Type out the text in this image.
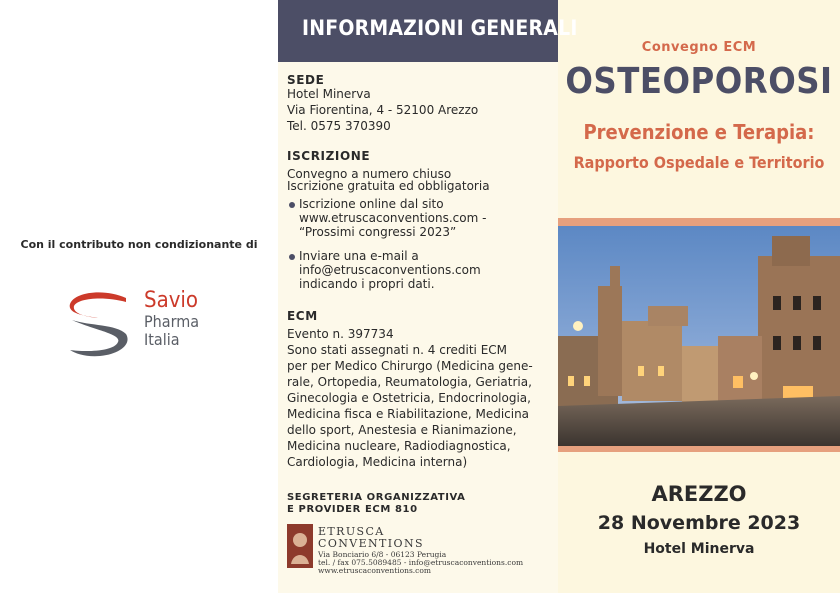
INFORMAZIONI GENERALI
Con il contributo non condizionante di
Savio
Pharma
Italia
SEDE
Hotel Minerva
Via Fiorentina, 4 - 52100 Arezzo
Tel. 0575 370390
ISCRIZIONE
Convegno a numero chiuso
Iscrizione gratuita ed obbligatoria
Iscrizione online dal sito
www.etruscaconventions.com -
“Prossimi congressi 2023”
Inviare una e-mail a
info@etruscaconventions.com
indicando i propri dati.
ECM
Evento n. 397734
Sono stati assegnati n. 4 crediti ECM
per per Medico Chirurgo (Medicina gene-
rale, Ortopedia, Reumatologia, Geriatria,
Ginecologia e Ostetricia, Endocrinologia,
Medicina fisca e Riabilitazione, Medicina
dello sport, Anestesia e Rianimazione,
Medicina nucleare, Radiodiagnostica,
Cardiologia, Medicina interna)
SEGRETERIA ORGANIZZATIVA
E PROVIDER ECM 810
ETRUSCA
CONVENTIONS
Via Bonciario 6/8 - 06123 Perugia
tel. / fax 075.5089485 - info@etruscaconventions.com
www.etruscaconventions.com
Convegno ECM
OSTEOPOROSI
Prevenzione e Terapia:
Rapporto Ospedale e Territorio
AREZZO
28 Novembre 2023
Hotel Minerva
